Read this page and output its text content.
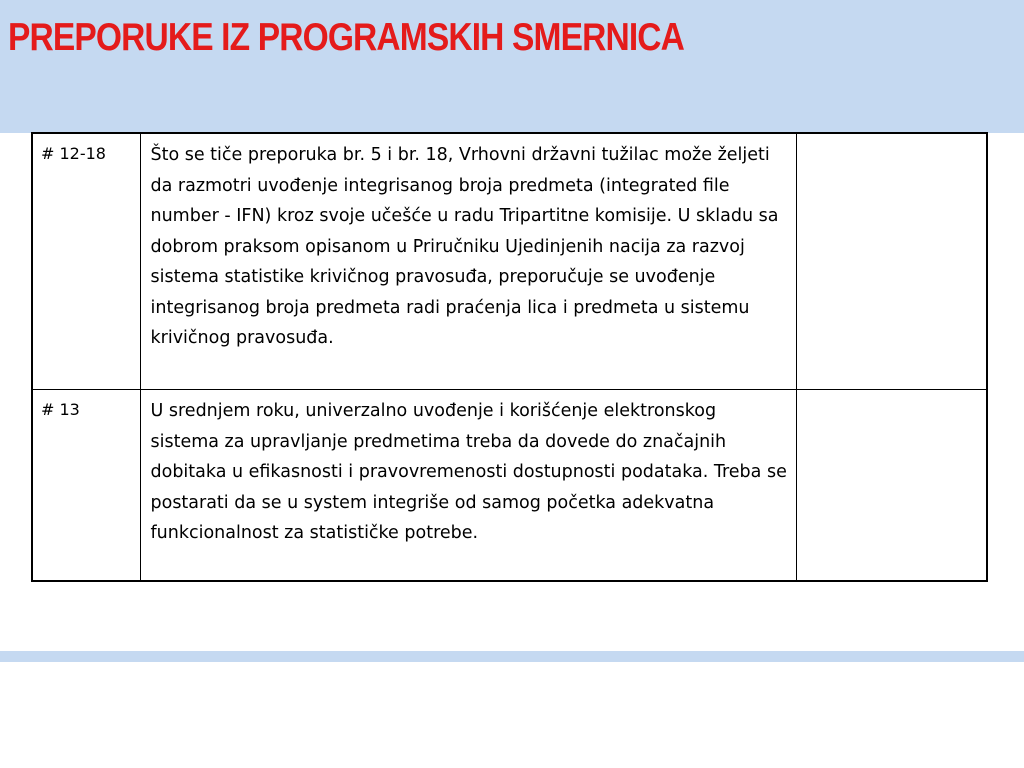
PREPORUKE IZ PROGRAMSKIH SMERNICA
# 12-18	Što se tiče preporuka br. 5 i br. 18, Vrhovni državni tužilac može željeti da razmotri uvođenje integrisanog broja predmeta (integrated file number - IFN) kroz svoje učešće u radu Tripartitne komisije. U skladu sa dobrom praksom opisanom u Priručniku Ujedinjenih nacija za razvoj sistema statistike krivičnog pravosuđa, preporučuje se uvođenje integrisanog broja predmeta radi praćenja lica i predmeta u sistemu krivičnog pravosuđa.	
# 13	U srednjem roku, univerzalno uvođenje i korišćenje elektronskog sistema za upravljanje predmetima treba da dovede do značajnih dobitaka u efikasnosti i pravovremenosti dostupnosti podataka. Treba se postarati da se u system integriše od samog početka adekvatna funkcionalnost za statističke potrebe.	
